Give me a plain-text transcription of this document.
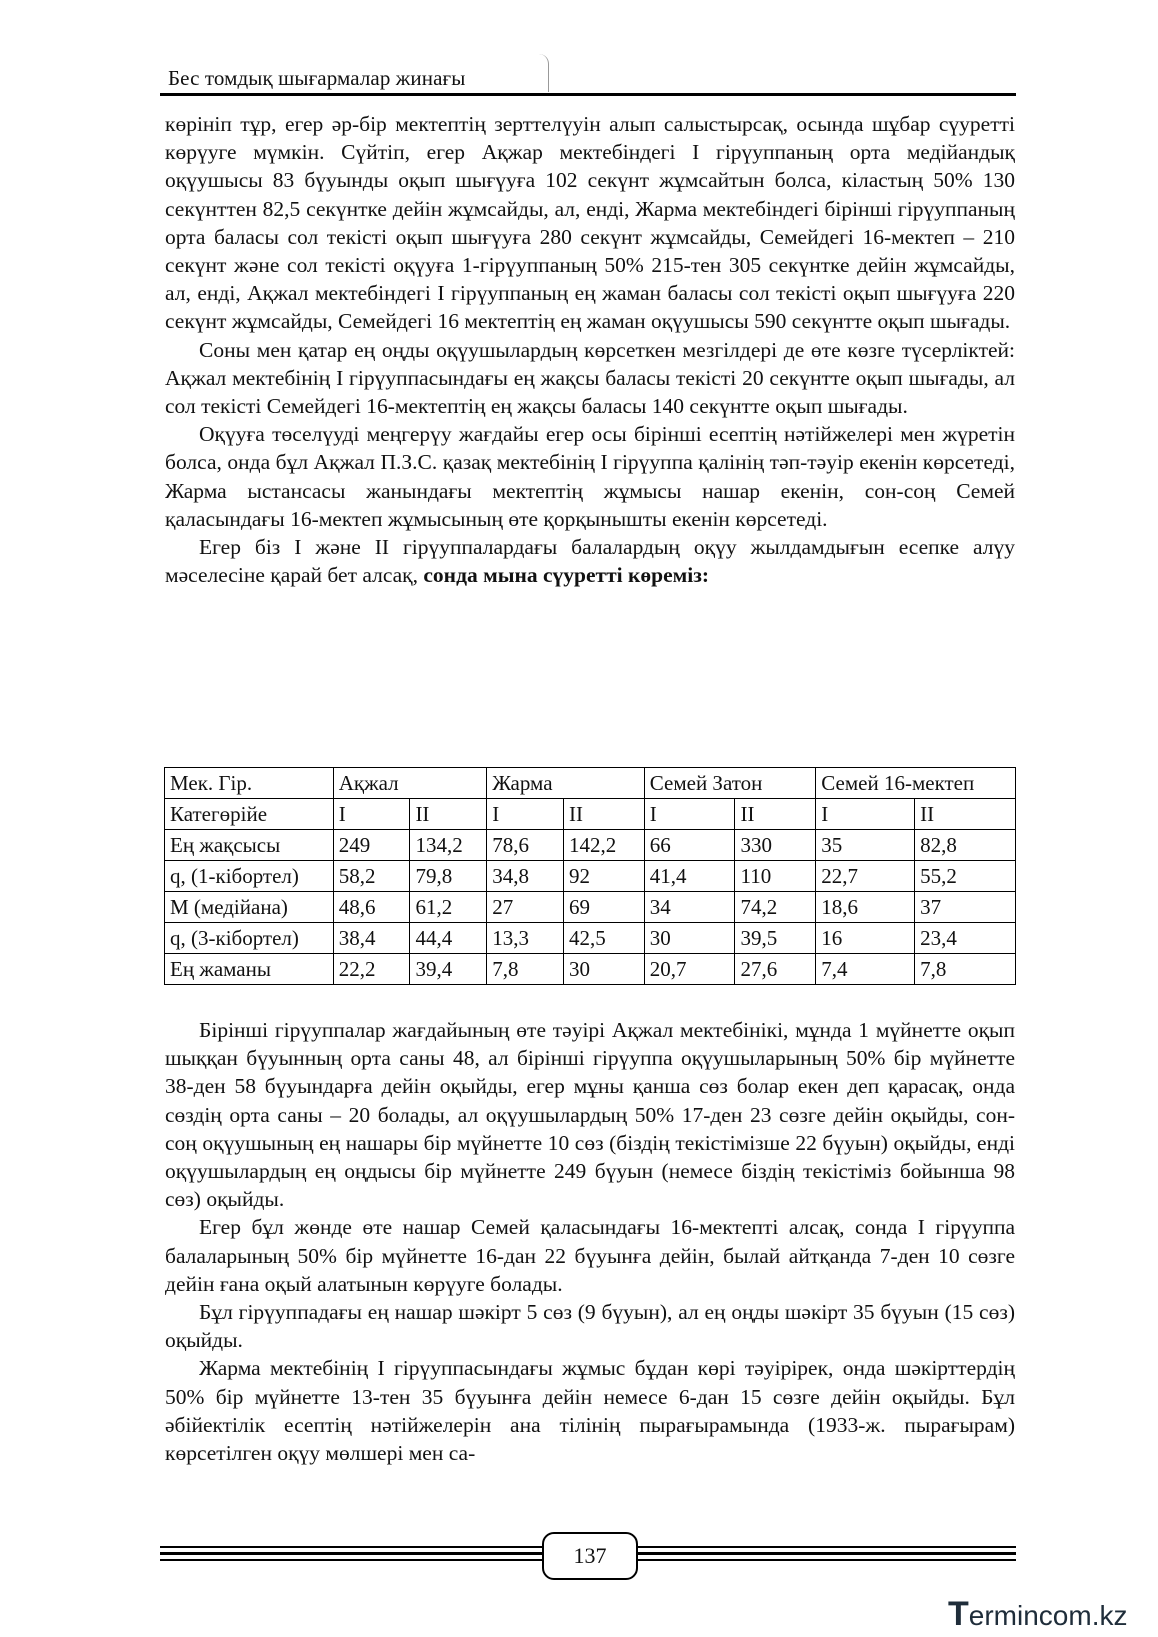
Бес томдық шығармалар жинағы

көрініп тұр, егер әр-бір мектептің зерттелүуін алып салыстырсақ, осында шұбар сүуретті көрүуге мүмкін. Сүйтіп, егер Ақжар мектебіндегі I гірүуппаның орта медійандық оқүушысы 83 бүуынды оқып шығүуға 102 секүнт жұмсайтын болса, кіластың 50% 130 секүнттен 82,5 секүнтке дейін жұмсайды, ал, енді, Жарма мектебіндегі бірінші гірүуппаның орта баласы сол текісті оқып шығүуға 280 секүнт жұмсайды, Семейдегі 16-мектеп – 210 секүнт және сол текісті оқүуға 1-гірүуппаның 50% 215-тен 305 секүнтке дейін жұмсайды, ал, енді, Ақжал мектебіндегі I гірүуппаның ең жаман баласы сол текісті оқып шығүуға 220 секүнт жұмсайды, Семейдегі 16 мектептің ең жаман оқүушысы 590 секүнтте оқып шығады.

Соны мен қатар ең оңды оқүушылардың көрсеткен мезгілдері де өте көзге түсерліктей: Ақжал мектебінің I гірүуппасындағы ең жақсы баласы текісті 20 секүнтте оқып шығады, ал сол текісті Семейдегі 16-мектептің ең жақсы баласы 140 секүнтте оқып шығады.

Оқүуға төселүуді меңгерүу жағдайы егер осы бірінші есептің нәтійжелері мен жүретін болса, онда бұл Ақжал П.З.С. қазақ мектебінің I гірүуппа қалінің тәп-тәуір екенін көрсетеді, Жарма ыстансасы жанындағы мектептің жұмысы нашар екенін, сон-соң Семей қаласындағы 16-мектеп жұмысының өте қорқынышты екенін көрсетеді.

Егер біз I және II гірүуппалардағы балалардың оқүу жылдамдығын есепке алүу мәселесіне қарай бет алсақ, сонда мына сүуретті көреміз:

Мек. Гір.	Ақжал		Жарма		Семей Затон		Семей 16-мектеп	
Категөрійе	I	II	I	II	I	II	I	II
Ең жақсысы	249	134,2	78,6	142,2	66	330	35	82,8
q, (1-кібортел)	58,2	79,8	34,8	92	41,4	110	22,7	55,2
M (медійана)	48,6	61,2	27	69	34	74,2	18,6	37
q, (3-кібортел)	38,4	44,4	13,3	42,5	30	39,5	16	23,4
Ең жаманы	22,2	39,4	7,8	30	20,7	27,6	7,4	7,8

Бірінші гірүуппалар жағдайының өте тәуірі Ақжал мектебінікі, мұнда 1 мүйнетте оқып шыққан бүуынның орта саны 48, ал бірінші гірүуппа оқүушыларының 50% бір мүйнетте 38-ден 58 бүуындарға дейін оқыйды, егер мұны қанша сөз болар екен деп қарасақ, онда сөздің орта саны – 20 болады, ал оқүушылардың 50% 17-ден 23 сөзге дейін оқыйды, сон-соң оқүушының ең нашары бір мүйнетте 10 сөз (біздің текістімізше 22 бүуын) оқыйды, енді оқүушылардың ең оңдысы бір мүйнетте 249 бүуын (немесе біздің текістіміз бойынша 98 сөз) оқыйды.

Егер бұл жөнде өте нашар Семей қаласындағы 16-мектепті алсақ, сонда I гірүуппа балаларының 50% бір мүйнетте 16-дан 22 бүуынға дейін, былай айтқанда 7-ден 10 сөзге дейін ғана оқый алатынын көрүуге болады.

Бұл гірүуппадағы ең нашар шәкірт 5 сөз (9 бүуын), ал ең оңды шәкірт 35 бүуын (15 сөз) оқыйды.

Жарма мектебінің I гірүуппасындағы жұмыс бұдан көрі тәуірірек, онда шәкірттердің 50% бір мүйнетте 13-тен 35 бүуынға дейін немесе 6-дан 15 сөзге дейін оқыйды. Бұл әбійектілік есептің нәтійжелерін ана тілінің пырағырамында (1933-ж. пырағырам) көрсетілген оқүу мөлшері мен са-

137
Termincom.kz
